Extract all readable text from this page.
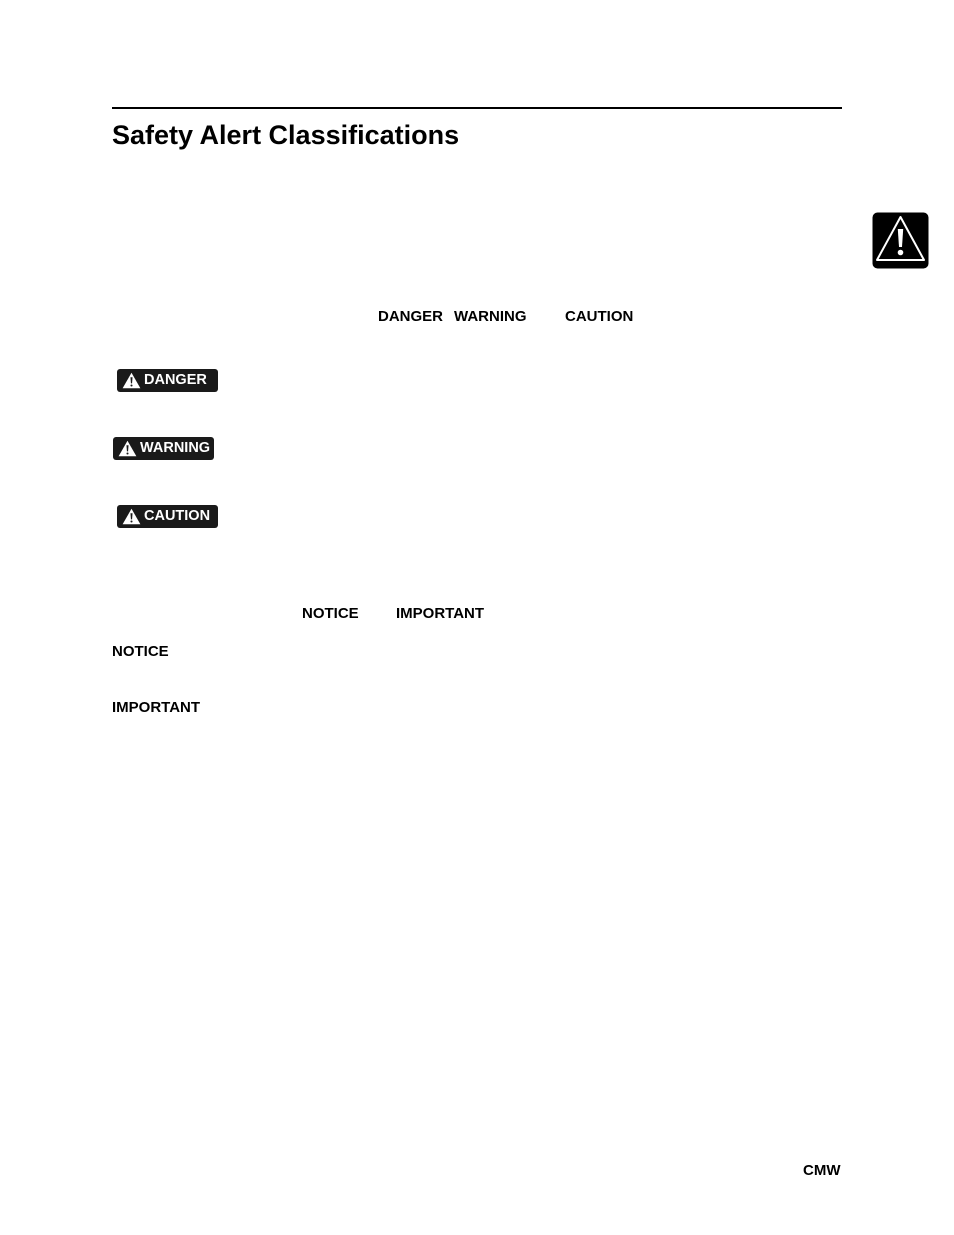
Safety Alert Classifications
DANGER WARNING	CAUTION
DANGER
WARNING
CAUTION
NOTICE IMPORTANT
NOTICE
IMPORTANT
CMW
